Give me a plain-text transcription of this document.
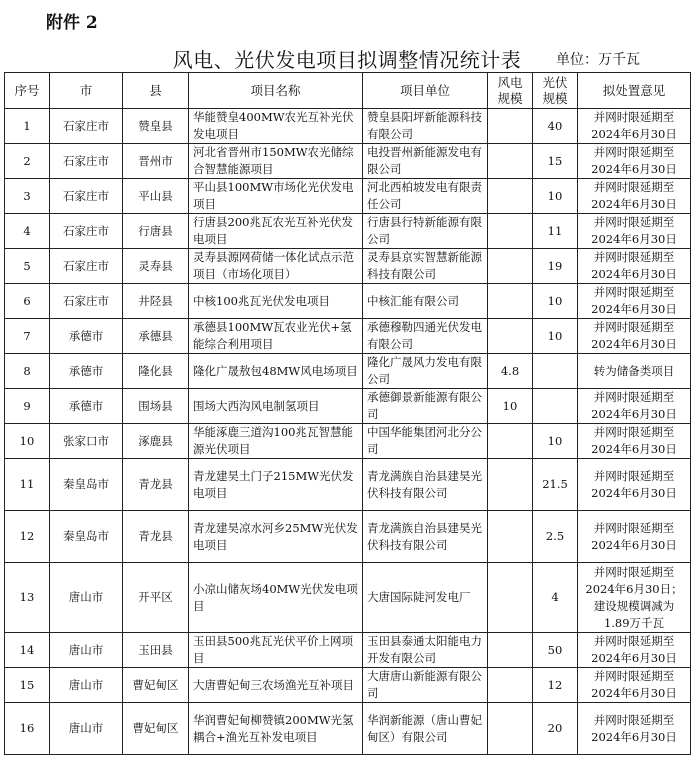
附件 2
风电、光伏发电项目拟调整情况统计表	单位：万千瓦
序号	市	县	项目名称	项目单位	风电规模	光伏规模	拟处置意见
1	石家庄市	赞皇县	华能赞皇400MW农光互补光伏发电项目	赞皇县阳坪新能源科技有限公司		40	并网时限延期至2024年6月30日
2	石家庄市	晋州市	河北省晋州市150MW农光储综合智慧能源项目	电投晋州新能源发电有限公司		15	并网时限延期至2024年6月30日
3	石家庄市	平山县	平山县100MW市场化光伏发电项目	河北西柏坡发电有限责任公司		10	并网时限延期至2024年6月30日
4	石家庄市	行唐县	行唐县200兆瓦农光互补光伏发电项目	行唐县行特新能源有限公司		11	并网时限延期至2024年6月30日
5	石家庄市	灵寿县	灵寿县源网荷储一体化试点示范项目（市场化项目）	灵寿县京实智慧新能源科技有限公司		19	并网时限延期至2024年6月30日
6	石家庄市	井陉县	中核100兆瓦光伏发电项目	中核汇能有限公司		10	并网时限延期至2024年6月30日
7	承德市	承德县	承德县100MW瓦农业光伏+氢能综合利用项目	承德穆勒四通光伏发电有限公司		10	并网时限延期至2024年6月30日
8	承德市	隆化县	隆化广晟敖包48MW风电场项目	隆化广晟风力发电有限公司	4.8		转为储备类项目
9	承德市	围场县	围场大西沟风电制氢项目	承德御景新能源有限公司	10		并网时限延期至2024年6月30日
10	张家口市	涿鹿县	华能涿鹿三道沟100兆瓦智慧能源光伏项目	中国华能集团河北分公司		10	并网时限延期至2024年6月30日
11	秦皇岛市	青龙县	青龙建昊土门子215MW光伏发电项目	青龙满族自治县建昊光伏科技有限公司		21.5	并网时限延期至2024年6月30日
12	秦皇岛市	青龙县	青龙建昊凉水河乡25MW光伏发电项目	青龙满族自治县建昊光伏科技有限公司		2.5	并网时限延期至2024年6月30日
13	唐山市	开平区	小凉山储灰场40MW光伏发电项目	大唐国际陡河发电厂		4	并网时限延期至2024年6月30日；建设规模调减为1.89万千瓦
14	唐山市	玉田县	玉田县500兆瓦光伏平价上网项目	玉田县泰通太阳能电力开发有限公司		50	并网时限延期至2024年6月30日
15	唐山市	曹妃甸区	大唐曹妃甸三农场渔光互补项目	大唐唐山新能源有限公司		12	并网时限延期至2024年6月30日
16	唐山市	曹妃甸区	华润曹妃甸柳赞镇200MW光氢耦合+渔光互补发电项目	华润新能源（唐山曹妃甸区）有限公司		20	并网时限延期至2024年6月30日
